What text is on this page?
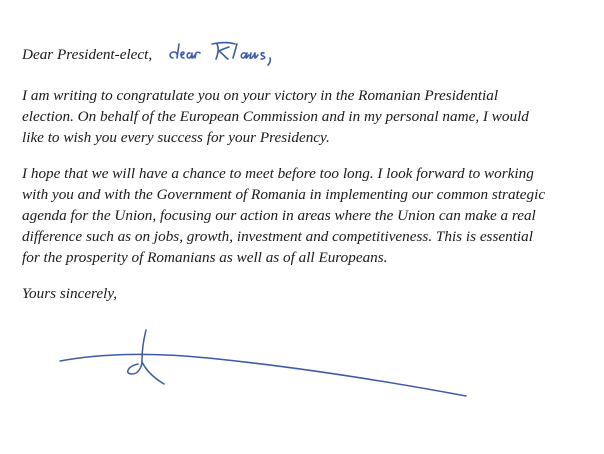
Dear President-elect,

I am writing to congratulate you on your victory in the Romanian Presidential
election. On behalf of the European Commission and in my personal name, I would
like to wish you every success for your Presidency.

I hope that we will have a chance to meet before too long. I look forward to working
with you and with the Government of Romania in implementing our common strategic
agenda for the Union, focusing our action in areas where the Union can make a real
difference such as on jobs, growth, investment and competitiveness. This is essential
for the prosperity of Romanians as well as of all Europeans.

Yours sincerely,
